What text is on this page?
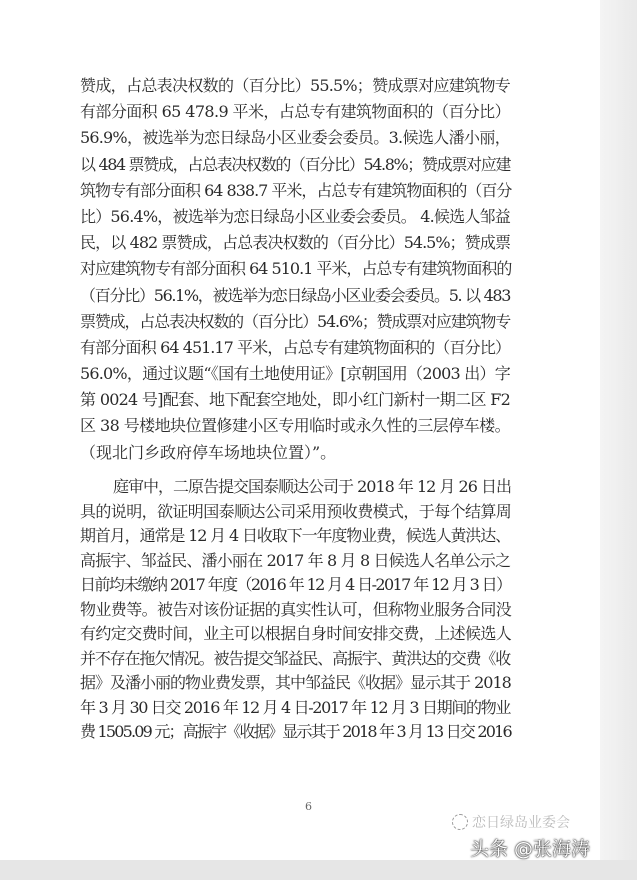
赞成，占总表决权数的（百分比）55.5%；赞成票对应建筑物专
有部分面积 65 478.9 平米，占总专有建筑物面积的（百分比）
56.9%，被选举为恋日绿岛小区业委会委员。3.候选人潘小丽，
以 484 票赞成，占总表决权数的（百分比）54.8%；赞成票对应建
筑物专有部分面积 64 838.7 平米，占总专有建筑物面积的（百分
比）56.4%，被选举为恋日绿岛小区业委会委员。 4.候选人邹益
民，以 482 票赞成，占总表决权数的（百分比）54.5%；赞成票
对应建筑物专有部分面积 64 510.1 平米，占总专有建筑物面积的
（百分比）56.1%，被选举为恋日绿岛小区业委会委员。5. 以 483
票赞成，占总表决权数的（百分比）54.6%；赞成票对应建筑物专
有部分面积 64 451.17 平米，占总专有建筑物面积的（百分比）
56.0%，通过议题“《国有土地使用证》[京朝国用（2003 出）字
第 0024 号]配套、地下配套空地处，即小红门新村一期二区 F2
区 38 号楼地块位置修建小区专用临时或永久性的三层停车楼。
（现北门乡政府停车场地块位置）”。
庭审中，二原告提交国泰顺达公司于 2018 年 12 月 26 日出
具的说明，欲证明国泰顺达公司采用预收费模式，于每个结算周
期首月，通常是 12 月 4 日收取下一年度物业费，候选人黄洪达、
高振宇、邹益民、潘小丽在 2017 年 8 月 8 日候选人名单公示之
日前均未缴纳 2017 年度（2016 年 12 月 4 日-2017 年 12 月 3 日）
物业费等。被告对该份证据的真实性认可，但称物业服务合同没
有约定交费时间，业主可以根据自身时间安排交费，上述候选人
并不存在拖欠情况。被告提交邹益民、高振宇、黄洪达的交费《收
据》及潘小丽的物业费发票，其中邹益民《收据》显示其于 2018
年 3 月 30 日交 2016 年 12 月 4 日-2017 年 12 月 3 日期间的物业
费 1505.09 元；高振宇《收据》显示其于 2018 年 3 月 13 日交 2016
6
恋日绿岛业委会
头条 @张海涛
